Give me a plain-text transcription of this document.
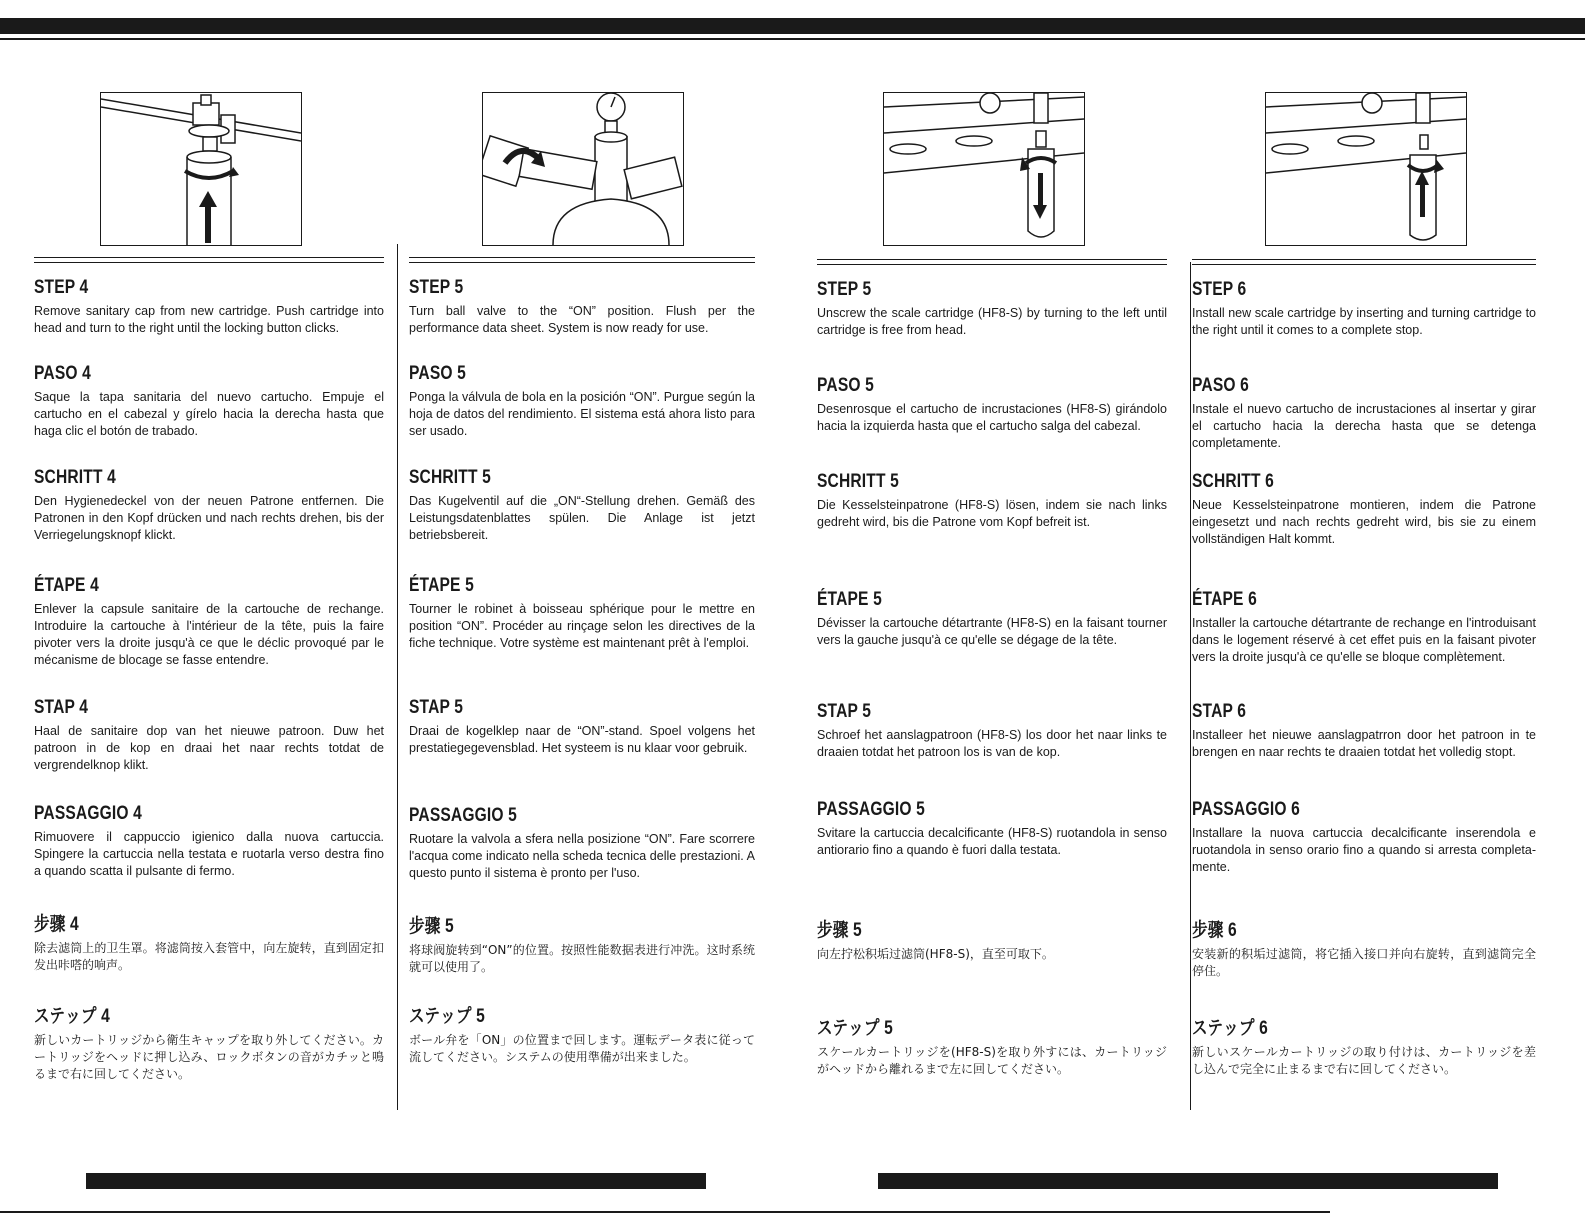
STEP 4

Remove sanitary cap from new cartridge. Push cartridge into head and turn to the right until the locking button clicks.

PASO 4

Saque la tapa sanitaria del nuevo cartucho. Empuje el cartucho en el cabezal y gírelo hacia la derecha hasta que haga clic el botón de trabado.

SCHRITT 4

Den Hygienedeckel von der neuen Patrone entfernen. Die Patronen in den Kopf drücken und nach rechts drehen, bis der Verriegelungsknopf klickt.

ÉTAPE 4

Enlever la capsule sanitaire de la cartouche de rechange. Introduire la cartouche à l'intérieur de la tête, puis la faire pivoter vers la droite jusqu'à ce que le déclic provoqué par le mécanisme de blocage se fasse entendre.

STAP 4

Haal de sanitaire dop van het nieuwe patroon. Duw het patroon in de kop en draai het naar rechts totdat de vergrendelknop klikt.

PASSAGGIO 4

Rimuovere il cappuccio igienico dalla nuova cartuccia. Spingere la cartuccia nella testata e ruotarla verso destra fino a quando scatta il pulsante di fermo.

步骤 4

除去滤筒上的卫生罩。将滤筒按入套管中，向左旋转，直到固定扣发出咔嗒的响声。

ステップ 4

新しいカートリッジから衛生キャップを取り外してください。カートリッジをヘッドに押し込み、ロックボタンの音がカチッと鳴るまで右に回してください。

STEP 5

Turn ball valve to the “ON” position. Flush per the performance data sheet. System is now ready for use.

PASO 5

Ponga la válvula de bola en la posición “ON”. Purgue según la hoja de datos del rendimiento. El sistema está ahora listo para ser usado.

SCHRITT 5

Das Kugelventil auf die „ON“-Stellung drehen. Gemäß des Leistungsdatenblattes spülen. Die Anlage ist jetzt betriebsbereit.

ÉTAPE 5

Tourner le robinet à boisseau sphérique pour le mettre en position “ON”. Procéder au rinçage selon les directives de la fiche technique. Votre système est maintenant prêt à l'emploi.

STAP 5

Draai de kogelklep naar de “ON”-stand. Spoel volgens het prestatiegegevensblad. Het systeem is nu klaar voor gebruik.

PASSAGGIO 5

Ruotare la valvola a sfera nella posizione “ON”. Fare scorrere l'acqua come indicato nella scheda tecnica delle prestazioni. A questo punto il sistema è pronto per l'uso.

步骤 5

将球阀旋转到“ON”的位置。按照性能数据表进行冲洗。这时系统就可以使用了。

ステップ 5

ボール弁を「ON」の位置まで回します。運転データ表に従って流してください。システムの使用準備が出来ました。

STEP 5

Unscrew the scale cartridge (HF8-S) by turning to the left until cartridge is free from head.

PASO 5

Desenrosque el cartucho de incrustaciones (HF8-S) girándolo hacia la izquierda hasta que el cartucho salga del cabezal.

SCHRITT 5

Die Kesselsteinpatrone (HF8-S) lösen, indem sie nach links gedreht wird, bis die Patrone vom Kopf befreit ist.

ÉTAPE 5

Dévisser la cartouche détartrante (HF8-S) en la faisant tourner vers la gauche jusqu'à ce qu'elle se dégage de la tête.

STAP 5

Schroef het aanslagpatroon (HF8-S) los door het naar links te draaien totdat het patroon los is van de kop.

PASSAGGIO 5

Svitare la cartuccia decalcificante (HF8-S) ruotandola in senso antiorario fino a quando è fuori dalla testata.

步骤 5

向左拧松积垢过滤筒(HF8-S)，直至可取下。

ステップ 5

スケールカートリッジを(HF8-S)を取り外すには、カートリッジがヘッドから離れるまで左に回してください。

STEP 6

Install new scale cartridge by inserting and turning cartridge to the right until it comes to a complete stop.

PASO 6

Instale el nuevo cartucho de incrustaciones al insertar y girar el cartucho hacia la derecha hasta que se detenga completamente.

SCHRITT 6

Neue Kesselsteinpatrone montieren, indem die Patrone eingesetzt und nach rechts gedreht wird, bis sie zu einem vollständigen Halt kommt.

ÉTAPE 6

Installer la cartouche détartrante de rechange en l'introduisant dans le logement réservé à cet effet puis en la faisant pivoter vers la droite jusqu'à ce qu'elle se bloque complètement.

STAP 6

Installeer het nieuwe aanslagpatrron door het patroon in te brengen en naar rechts te draaien totdat het volledig stopt.

PASSAGGIO 6

Installare la nuova cartuccia decalcificante inserendola e ruotandola in senso orario fino a quando si arresta completa-mente.

步骤 6

安装新的积垢过滤筒，将它插入接口并向右旋转，直到滤筒完全停住。

ステップ 6

新しいスケールカートリッジの取り付けは、カートリッジを差し込んで完全に止まるまで右に回してください。
